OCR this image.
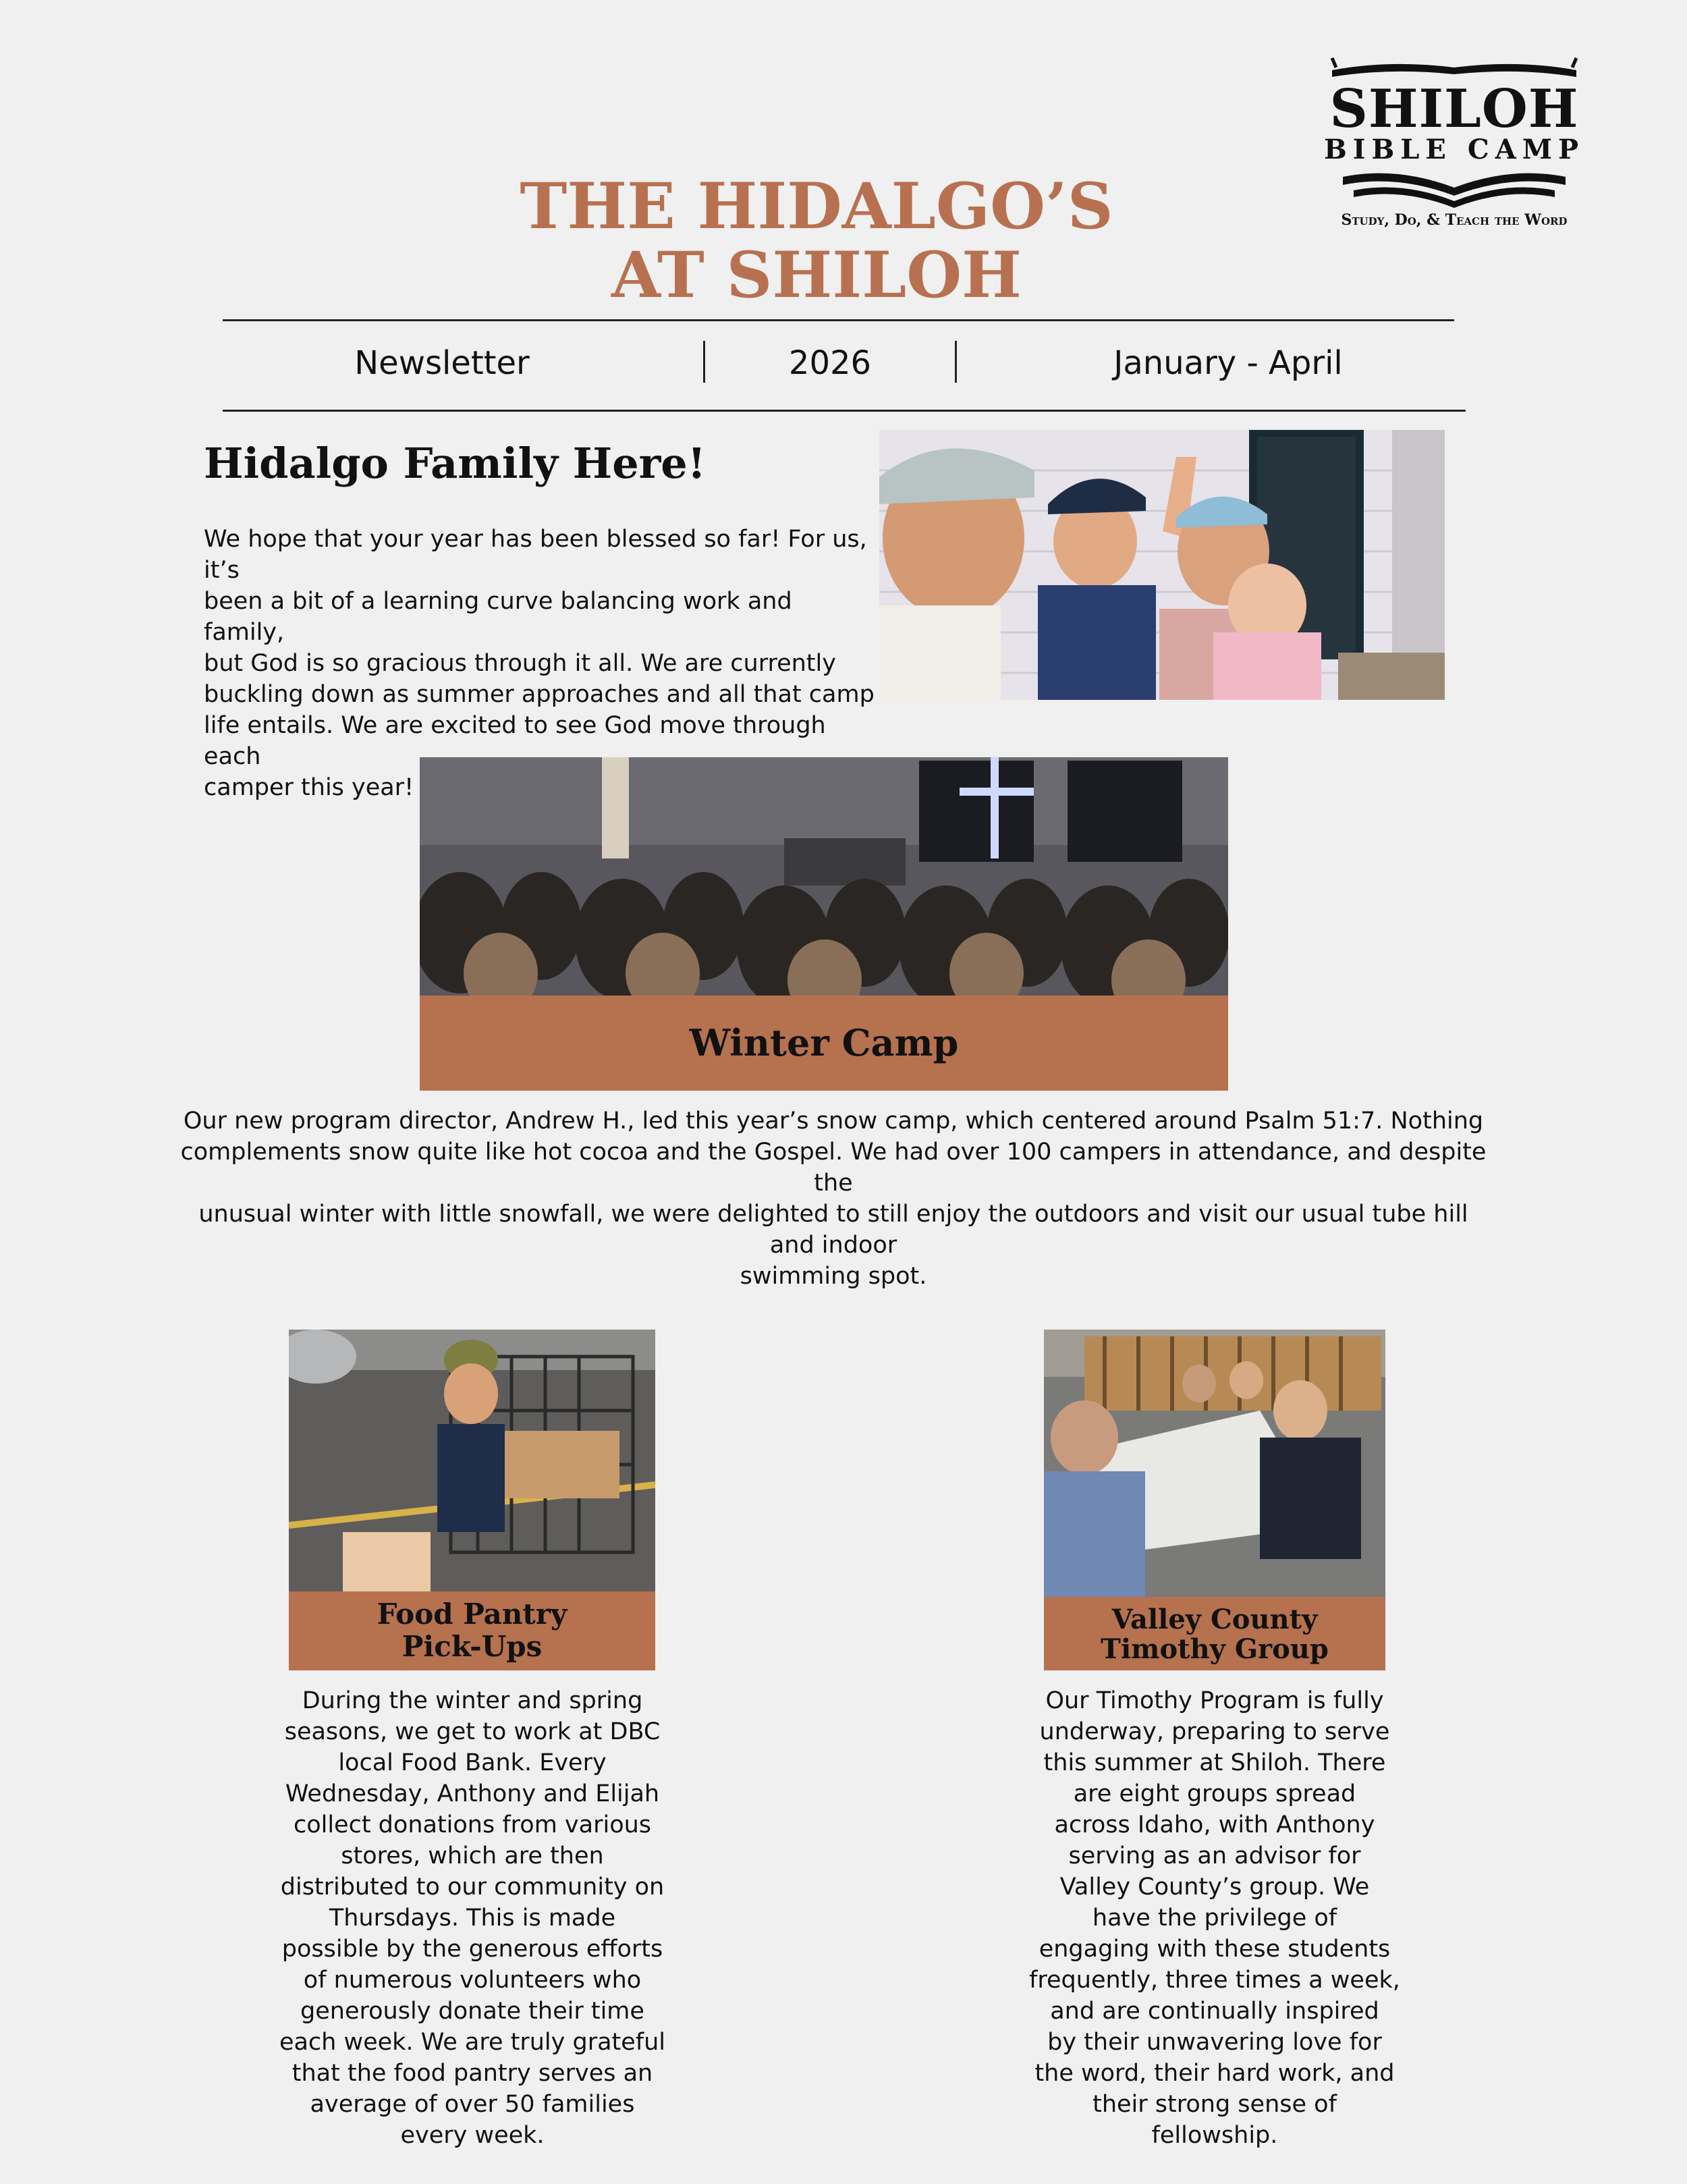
SHILOH
BIBLE CAMP
Study, Do, & Teach the Word
THE HIDALGO’S
AT SHILOH
Newsletter	2026	January - April
Hidalgo Family Here!
We hope that your year has been blessed so far! For us, it’s
been a bit of a learning curve balancing work and family,
but God is so gracious through it all. We are currently
buckling down as summer approaches and all that camp
life entails. We are excited to see God move through each
camper this year!
Winter Camp
Our new program director, Andrew H., led this year’s snow camp, which centered around Psalm 51:7. Nothing
complements snow quite like hot cocoa and the Gospel. We had over 100 campers in attendance, and despite the
unusual winter with little snowfall, we were delighted to still enjoy the outdoors and visit our usual tube hill and indoor
swimming spot.
Food Pantry
Pick-Ups
During the winter and spring
seasons, we get to work at DBC
local Food Bank. Every
Wednesday, Anthony and Elijah
collect donations from various
stores, which are then
distributed to our community on
Thursdays. This is made
possible by the generous efforts
of numerous volunteers who
generously donate their time
each week. We are truly grateful
that the food pantry serves an
average of over 50 families
every week.
Valley County
Timothy Group
Our Timothy Program is fully
underway, preparing to serve
this summer at Shiloh. There
are eight groups spread
across Idaho, with Anthony
serving as an advisor for
Valley County’s group. We
have the privilege of
engaging with these students
frequently, three times a week,
and are continually inspired
by their unwavering love for
the word, their hard work, and
their strong sense of
fellowship.
